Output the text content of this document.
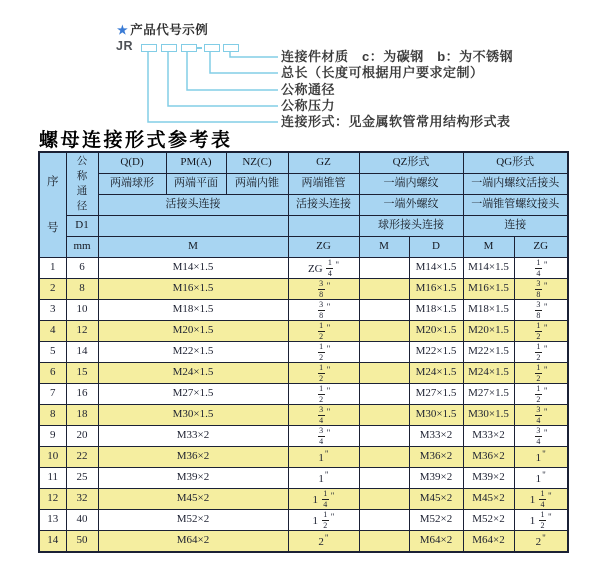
★ 产品代号示例
JR
连接件材质　c：为碳钢　b：为不锈钢
总长（长度可根据用户要求定制）
公称通径
公称压力
连接形式：见金属软管常用结构形式表
螺母连接形式参考表
序号	公称通径	Q(D)	PM(A)	NZ(C)	GZ	QZ形式		QG形式	
		两端球形	两端平面	两端内锥	两端锥管	一端内螺纹		一端内螺纹活接头	
		活接头连接			活接头连接	一端外螺纹		一端锥管螺纹接头	
	D1					球形接头连接		连接	
	mm	M			ZG	M	D	M	ZG
1	6	M14×1.5			ZG $\frac{1}{4} ^"$		M14×1.5	M14×1.5	$\frac{1}{4} ^"$
2	8	M16×1.5			$\frac{3}{8} ^"$		M16×1.5	M16×1.5	$\frac{3}{8} ^"$
3	10	M18×1.5			$\frac{3}{8} ^"$		M18×1.5	M18×1.5	$\frac{3}{8} ^"$
4	12	M20×1.5			$\frac{1}{2} ^"$		M20×1.5	M20×1.5	$\frac{1}{2} ^"$
5	14	M22×1.5			$\frac{1}{2} ^"$		M22×1.5	M22×1.5	$\frac{1}{2} ^"$
6	15	M24×1.5			$\frac{1}{2} ^"$		M24×1.5	M24×1.5	$\frac{1}{2} ^"$
7	16	M27×1.5			$\frac{1}{2} ^"$		M27×1.5	M27×1.5	$\frac{1}{2} ^"$
8	18	M30×1.5			$\frac{3}{4} ^"$		M30×1.5	M30×1.5	$\frac{3}{4} ^"$
9	20	M33×2			$\frac{3}{4} ^"$		M33×2	M33×2	$\frac{3}{4} ^"$
10	22	M36×2			1"		M36×2	M36×2	1"
11	25	M39×2			1"		M39×2	M39×2	1"
12	32	M45×2			$1 \frac{1}{4} ^"$		M45×2	M45×2	$1 \frac{1}{4} ^"$
13	40	M52×2			$1 \frac{1}{2} ^"$		M52×2	M52×2	$1 \frac{1}{2} ^"$
14	50	M64×2			2"		M64×2	M64×2	2"
